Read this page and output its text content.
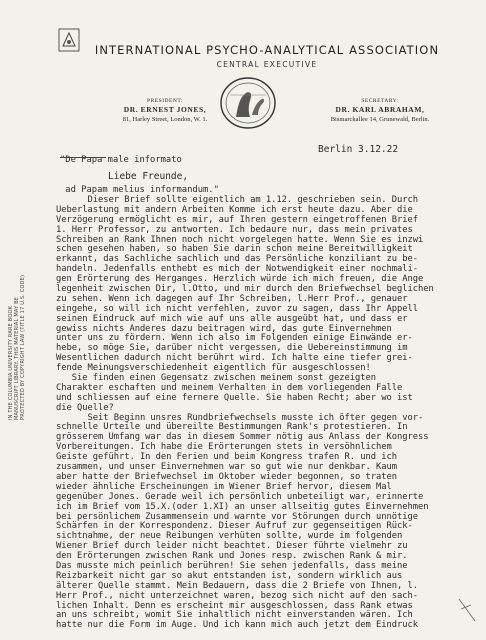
IN THE COLUMBIA UNIVERSITY RARE BOOK MANUSCRIPT LIBRARY. THIS MATERIAL MAY BE PROTECTED BY COPYRIGHT LAW (TITLE 17 U.S. CODE)
INTERNATIONAL PSYCHO-ANALYTICAL ASSOCIATION
CENTRAL EXECUTIVE
PRESIDENT:
DR. ERNEST JONES,
81, Harley Street, London, W. 1.
SECRETARY:
DR. KARL ABRAHAM,
Bismarckallee 14, Grunewald, Berlin.

"De Papa male informato

ad Papam melius informandum."

Berlin 3.12.22
Liebe Freunde,
Dieser Brief sollte eigentlich am 1.12. geschrieben sein. Durch
Ueberlastung mit andern Arbeiten Komme ich erst heute dazu. Aber die
Verzögerung ermöglicht es mir, auf Ihren gestern eingetroffenen Brief
1. Herr Professor, zu antworten. Ich bedaure nur, dass mein privates
Schreiben an Rank Ihnen noch nicht vorgelegen hatte. Wenn Sie es inzwi
schen gesehen haben, so haben Sie darin schon meine Bereitwilligkeit
erkannt, das Sachliche sachlich und das Persönliche konziliant zu be-
handeln. Jedenfalls enthebt es mich der Notwendigkeit einer nochmali-
gen Erörterung des Herganges. Herzlich würde ich mich freuen, die Ange
legenheit zwischen Dir, l.Otto, und mir durch den Briefwechsel beglichen
zu sehen. Wenn ich dagegen auf Ihr Schreiben, l.Herr Prof., genauer
eingehe, so will ich nicht verfehlen, zuvor zu sagen, dass Ihr Appell
seinen Eindruck auf mich wie auf uns alle ausgeübt hat, und dass er
gewiss nichts Anderes dazu beitragen wird, das gute Einvernehmen
unter uns zu fördern. Wenn ich also im Folgenden einige Einwände er-
hebe, so möge Sie, darüber nicht vergessen, die Uebereinstimmung im
Wesentlichen dadurch nicht berührt wird. Ich halte eine tiefer grei-
fende Meinungsverschiedenheit eigentlich für ausgeschlossen!
Sie finden einen Gegensatz zwischen meinem sonst gezeigten
Charakter eschaften und meinem Verhalten in dem vorliegenden Falle
und schliessen auf eine fernere Quelle. Sie haben Recht; aber wo ist
die Quelle?
Seit Beginn unsres Rundbriefwechsels musste ich öfter gegen vor-
schnelle Urteile und übereilte Bestimmungen Rank's protestieren. In
grösserem Umfang war das in diesem Sommer nötig aus Anlass der Kongress
Vorbereitungen. Ich habe die Erörterungen stets in versöhnlichem
Geiste geführt. In den Ferien und beim Kongress trafen R. und ich
zusammen, und unser Einvernehmen war so gut wie nur denkbar. Kaum
aber hatte der Briefwechsel im Oktober wieder begonnen, so traten
wieder ähnliche Erscheinungen im Wiener Brief hervor, diesem Mal
gegenüber Jones. Gerade weil ich persönlich unbeteiligt war, erinnerte
ich im Brief vom 15.X.(oder 1.XI) an unser allseitig gutes Einvernehmen
bei persönlichem Zusammensein und warnte vor Störungen durch unnötige
Schärfen in der Korrespondenz. Dieser Aufruf zur gegenseitigen Rück-
sichtnahme, der neue Reibungen verhüten sollte, wurde im folgenden
Wiener Brief durch leider nicht beachtet. Dieser führte vielmehr zu
den Erörterungen zwischen Rank und Jones resp. zwischen Rank & mir.
Das musste mich peinlich berühren! Sie sehen jedenfalls, dass meine
Reizbarkeit nicht gar so akut entstanden ist, sondern wirklich aus
älterer Quelle stammt. Mein Bedauern, dass die 2 Briefe von Ihnen, l.
Herr Prof., nicht unterzeichnet waren, bezog sich nicht auf den sach-
lichen Inhalt. Denn es erscheint mir ausgeschlossen, dass Rank etwas
an uns schreibt, womit Sie inhaltlich nicht einverstanden wären. Ich
hatte nur die Form im Auge. Und ich kann mich auch jetzt dem Eindruck
